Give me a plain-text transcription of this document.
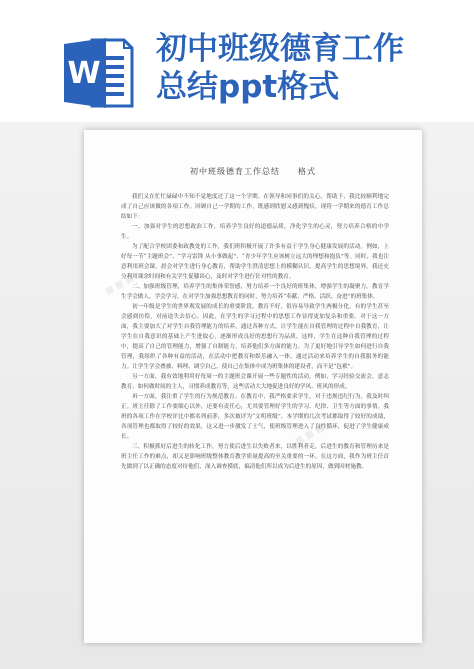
W
初中班级德育工作
总结ppt格式
▦ ▦ ▦
▦ ▦ ▦
初中班级德育工作总结 格式

我们又在忙忙碌碌中不知不觉地度过了这一个学期。在领导和同事们的关心、帮助下，我比较顺利地完成了自己应该做的各项工作。回顾自己一学期的工作，既感到欣慰又感到愧疚。现将一学期来的德育工作总结如下：

一、加强对学生的思想政治工作，培养学生良好的道德品质，净化学生的心灵，努力培养合格的中学生。

为了配合学校团委和政教处的工作，我们班积极开展了许多有益于学生身心健康发展的活动。例如，上好每一节“主题班会”、“学习雷锋 从小事做起”、“青少年学生应该树立远大的理想和抱负”等。同时，我也注意利用班会课，晨会对学生进行身心教育，帮助学生澄清思想上的模糊认识，提高学生的思想境界。我还充分利用课余时间和有关学生促膝谈心，及时对学生进行针对性的教育。

二、加强班级管理，培养学生的集体荣誉感，努力培养一个良好的班集体，增强学生的凝聚力。教育学生学会做人，学会学习，在对学生加强思想教育的同时，努力培养“奉献、严格、活跃、奋进”的班集体。

初一年级是学生的世界观发展的成长的重要阶段，教育不好，很容易导致学生两极分化。有的学生甚至会感到彷徨，对前途失去信心。因此，在学生的学习过程中的思想工作显得更加复杂和重要。对于这一方面，我主要加大了对学生自我管理能力的培养，通过各种方式，让学生能在自我管理的过程中自我教育，让学生在自我意识的基础上产生进取心，逐渐形成良好的思想行为品质。这样，学生在这种自我管理的过程中，提高了自己的管理能力，增强了自制能力，培养他们多方面的能力。为了更好地引导学生如何进行自我管理，我组织了各种有益的活动，在活动中把教育和娱乐融入一体，通过活动来培养学生的自我服务的能力。让学生学会叠被、料理、调空自己，使自己在集体中成为班集体的建设者，而不是“包袱”。

另一方面，我有效地利用好每周一的主题班会课开展一些专题性的活动，例如，学习经验交流会，意志教育，如何做时间的主人，习惯养成教育等，这些活动大大地促进良好的学风、班风的形成。

再一方面，我注重了学生的行为规范教育。在教育中，我严格要求学生，对于违规违纪行为，我及时纠正。班主任除了工作要细心以外，还要有责任心，尤其要管理好学生的学习、纪律、卫生等方面的事情。我班的各项工作在学校评比中都名列前茅，多次被评为“文明班级”。本学期的几次考试都取得了较好的成绩，各项管理也都取得了较好的效果，这又进一步激发了士气，使班级管理进入了良性循环，促进了学生健康成长。

三、积极抓好后进生的转化工作，努力使后进生以失败者来，以胜利者走，后进生的教育和管理历来是班主任工作的难点，却又是影响班级整体教育教学质量提高的至关重要的一环。在这方面，我作为班主任首先做到了以正确的态度对待他们，深入调查摸底，搞清他们所以成为后进生的原因，做到因材施教。
